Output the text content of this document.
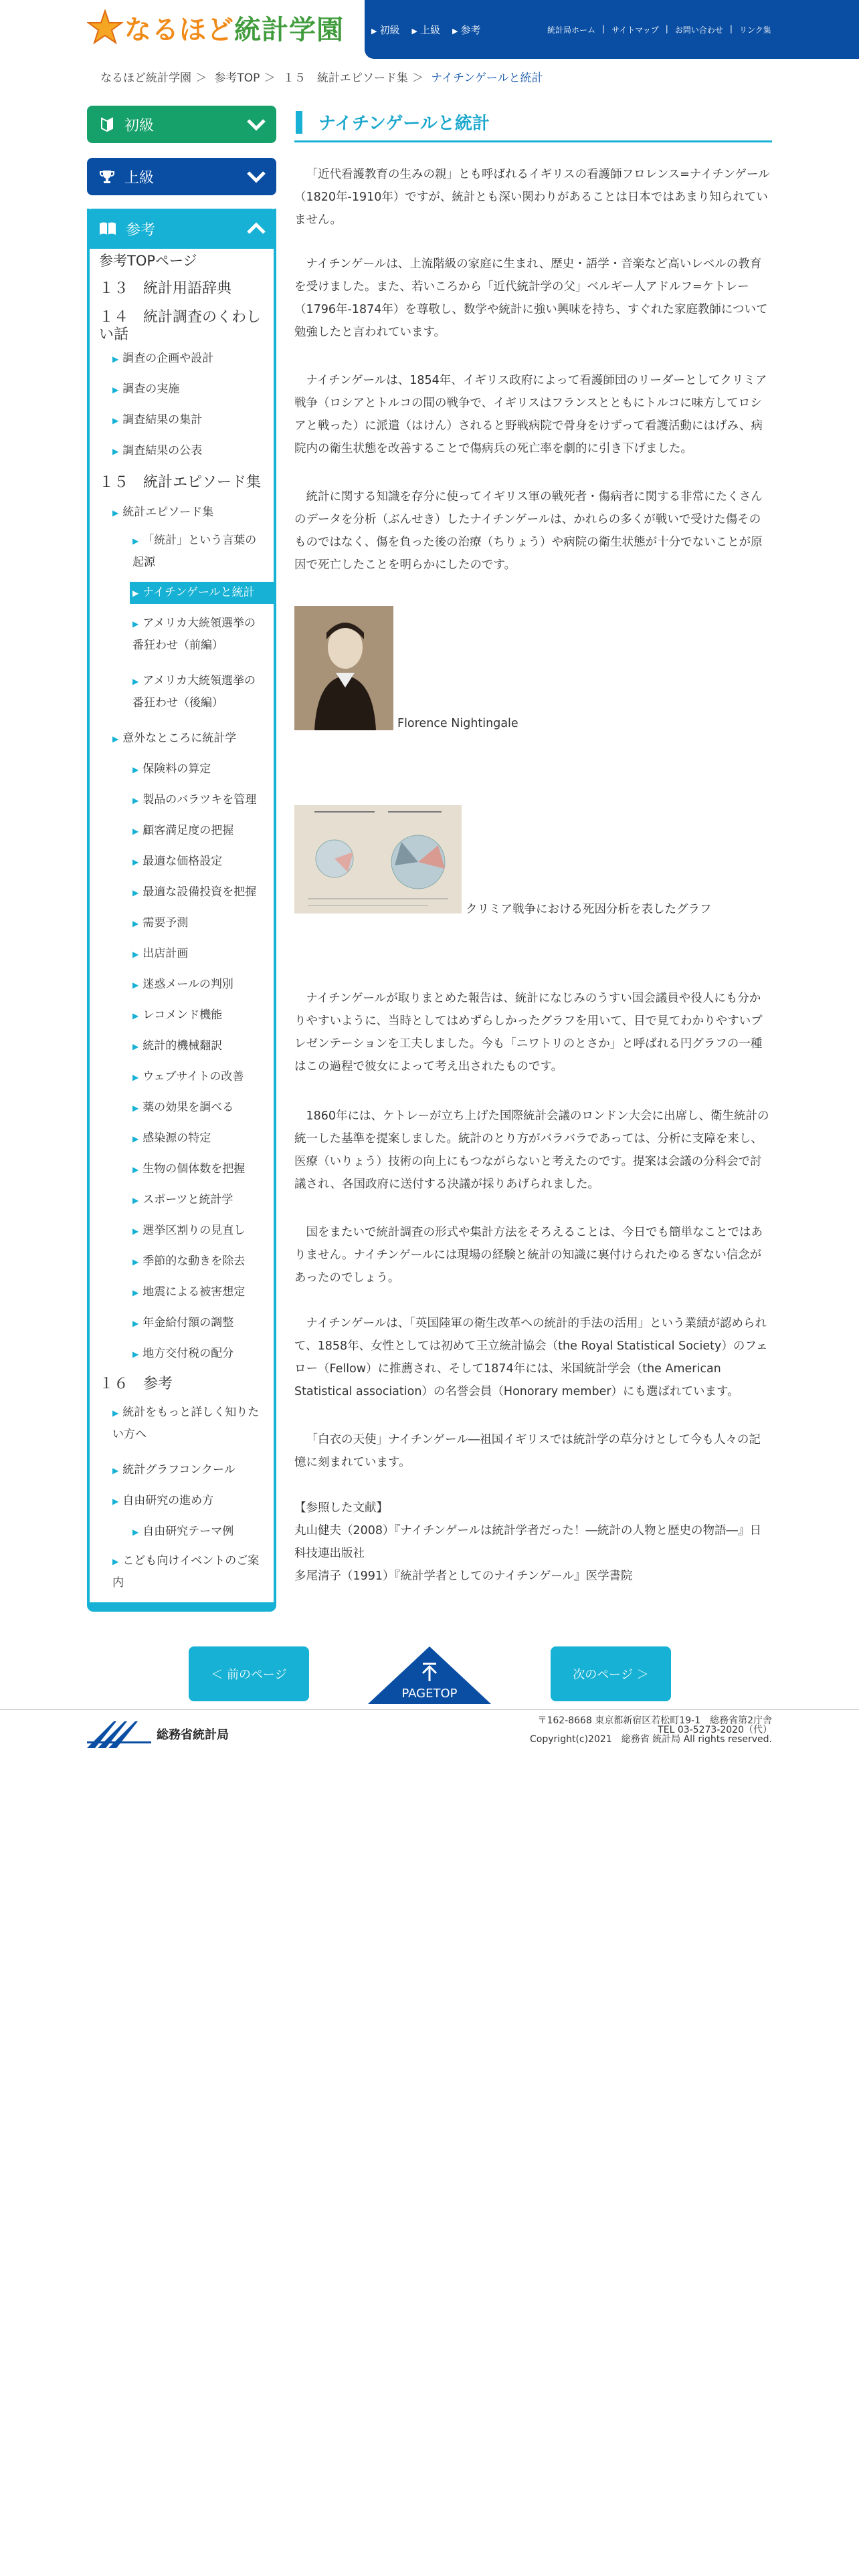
なるほど統計学園	▶ 初級 ▶ 上級 ▶ 参考	統計局ホーム | サイトマップ | お問い合わせ | リンク集
なるほど統計学園 ＞ 参考TOP ＞ １５　統計エピソード集 ＞ ナイチンゲールと統計
初級
上級
参考
参考TOPページ
１３　統計用語辞典
１４　統計調査のくわしい話
▶ 調査の企画や設計
▶ 調査の実施
▶ 調査結果の集計
▶ 調査結果の公表
１５　統計エピソード集
▶ 統計エピソード集
▶ 「統計」という言葉の起源
▶ ナイチンゲールと統計
▶ アメリカ大統領選挙の番狂わせ（前編）
▶ アメリカ大統領選挙の番狂わせ（後編）
▶ 意外なところに統計学
▶ 保険料の算定
▶ 製品のバラツキを管理
▶ 顧客満足度の把握
▶ 最適な価格設定
▶ 最適な設備投資を把握
▶ 需要予測
▶ 出店計画
▶ 迷惑メールの判別
▶ レコメンド機能
▶ 統計的機械翻訳
▶ ウェブサイトの改善
▶ 薬の効果を調べる
▶ 感染源の特定
▶ 生物の個体数を把握
▶ スポーツと統計学
▶ 選挙区割りの見直し
▶ 季節的な動きを除去
▶ 地震による被害想定
▶ 年金給付額の調整
▶ 地方交付税の配分
１６　参考
▶ 統計をもっと詳しく知りたい方へ
▶ 統計グラフコンクール
▶ 自由研究の進め方
▶ 自由研究テーマ例
▶ こども向けイベントのご案内
ナイチンゲールと統計
「近代看護教育の生みの親」とも呼ばれるイギリスの看護師フロレンス=ナイチンゲール（1820年-1910年）ですが、統計とも深い関わりがあることは日本ではあまり知られていません。
ナイチンゲールは、上流階級の家庭に生まれ、歴史・語学・音楽など高いレベルの教育を受けました。また、若いころから「近代統計学の父」ベルギー人アドルフ=ケトレー（1796年-1874年）を尊敬し、数学や統計に強い興味を持ち、すぐれた家庭教師について勉強したと言われています。
ナイチンゲールは、1854年、イギリス政府によって看護師団のリーダーとしてクリミア戦争（ロシアとトルコの間の戦争で、イギリスはフランスとともにトルコに味方してロシアと戦った）に派遣（はけん）されると野戦病院で骨身をけずって看護活動にはげみ、病院内の衛生状態を改善することで傷病兵の死亡率を劇的に引き下げました。
統計に関する知識を存分に使ってイギリス軍の戦死者・傷病者に関する非常にたくさんのデータを分析（ぶんせき）したナイチンゲールは、かれらの多くが戦いで受けた傷そのものではなく、傷を負った後の治療（ちりょう）や病院の衛生状態が十分でないことが原因で死亡したことを明らかにしたのです。
Florence Nightingale
クリミア戦争における死因分析を表したグラフ
ナイチンゲールが取りまとめた報告は、統計になじみのうすい国会議員や役人にも分かりやすいように、当時としてはめずらしかったグラフを用いて、目で見てわかりやすいプレゼンテーションを工夫しました。今も「ニワトリのとさか」と呼ばれる円グラフの一種はこの過程で彼女によって考え出されたものです。
1860年には、ケトレーが立ち上げた国際統計会議のロンドン大会に出席し、衛生統計の統一した基準を提案しました。統計のとり方がバラバラであっては、分析に支障を来し、医療（いりょう）技術の向上にもつながらないと考えたのです。提案は会議の分科会で討議され、各国政府に送付する決議が採りあげられました。
国をまたいで統計調査の形式や集計方法をそろえることは、今日でも簡単なことではありません。ナイチンゲールには現場の経験と統計の知識に裏付けられたゆるぎない信念があったのでしょう。
ナイチンゲールは、「英国陸軍の衛生改革への統計的手法の活用」という業績が認められて、1858年、女性としては初めて王立統計協会（the Royal Statistical Society）のフェロー（Fellow）に推薦され、そして1874年には、米国統計学会（the American Statistical association）の名誉会員（Honorary member）にも選ばれています。
「白衣の天使」ナイチンゲール―祖国イギリスでは統計学の草分けとして今も人々の記憶に刻まれています。
【参照した文献】
丸山健夫（2008）『ナイチンゲールは統計学者だった！―統計の人物と歴史の物語―』日科技連出版社
多尾清子（1991）『統計学者としてのナイチンゲール』医学書院
＜ 前のページ
PAGETOP
次のページ ＞
総務省統計局
〒162-8668 東京都新宿区若松町19-1　総務省第2庁舎
TEL 03-5273-2020（代）
Copyright(c)2021　総務省 統計局 All rights reserved.
